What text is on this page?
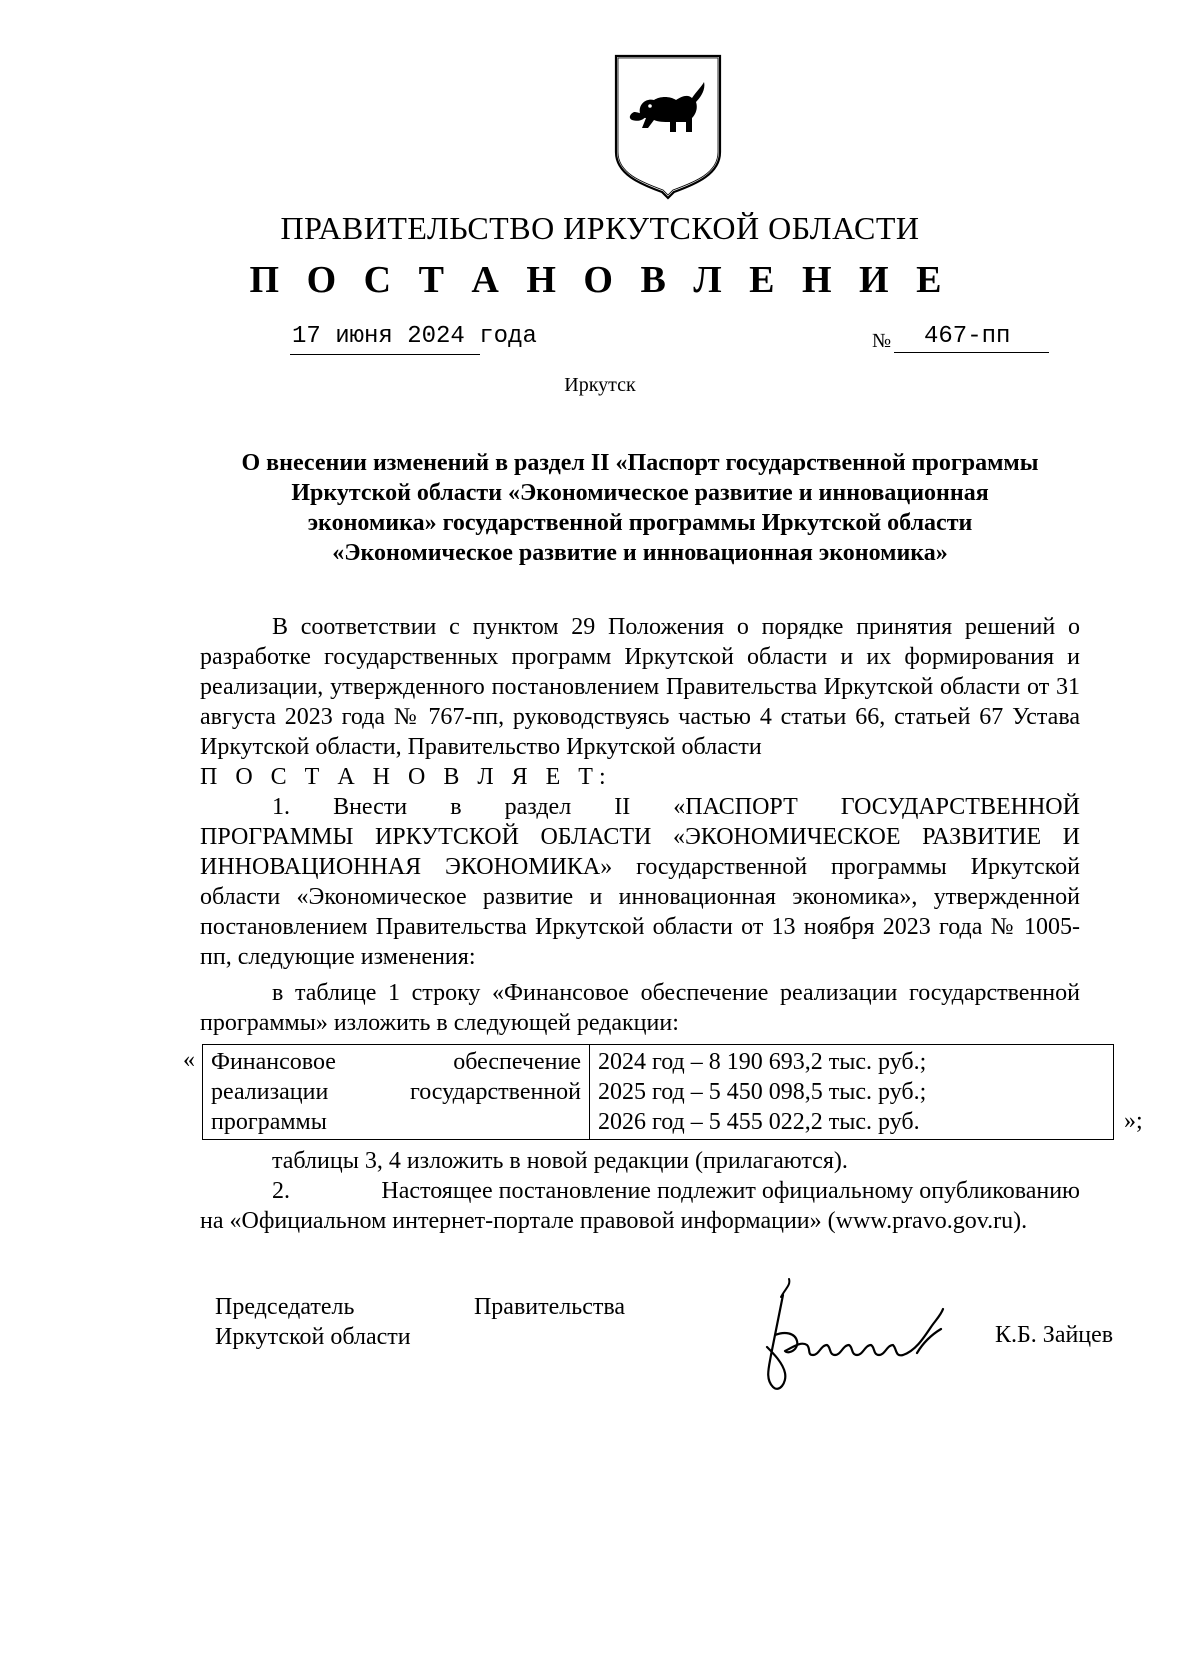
ПРАВИТЕЛЬСТВО ИРКУТСКОЙ ОБЛАСТИ
П О С Т А Н О В Л Е Н И Е
17 июня 2024 года	№ 467-пп
Иркутск
О внесении изменений в раздел II «Паспорт государственной программы
Иркутской области «Экономическое развитие и инновационная
экономика» государственной программы Иркутской области
«Экономическое развитие и инновационная экономика»
В соответствии с пунктом 29 Положения о порядке принятия решений о разработке государственных программ Иркутской области и их формирования и реализации, утвержденного постановлением Правительства Иркутской области от 31 августа 2023 года № 767-пп, руководствуясь частью 4 статьи 66, статьей 67 Устава Иркутской области, Правительство Иркутской области
П О С Т А Н О В Л Я Е Т:
1. Внести в раздел II «ПАСПОРТ ГОСУДАРСТВЕННОЙ
ПРОГРАММЫ ИРКУТСКОЙ ОБЛАСТИ «ЭКОНОМИЧЕСКОЕ РАЗВИТИЕ И ИННОВАЦИОННАЯ ЭКОНОМИКА» государственной программы Иркутской области «Экономическое развитие и инновационная экономика», утвержденной постановлением Правительства Иркутской области от 13 ноября 2023 года № 1005-пп, следующие изменения:
в таблице 1 строку «Финансовое обеспечение реализации государственной программы» изложить в следующей редакции:
« Финансовое	обеспечение
реализации	государственной
программы

2024 год – 8 190 693,2 тыс. руб.;
2025 год – 5 450 098,5 тыс. руб.;
2026 год – 5 455 022,2 тыс. руб.	»;
таблицы 3, 4 изложить в новой редакции (прилагаются).
2.	Настоящее постановление подлежит официальному опубликованию
на «Официальном интернет-портале правовой информации» (www.pravo.gov.ru).
Председатель	Правительства
Иркутской области	К.Б. Зайцев
